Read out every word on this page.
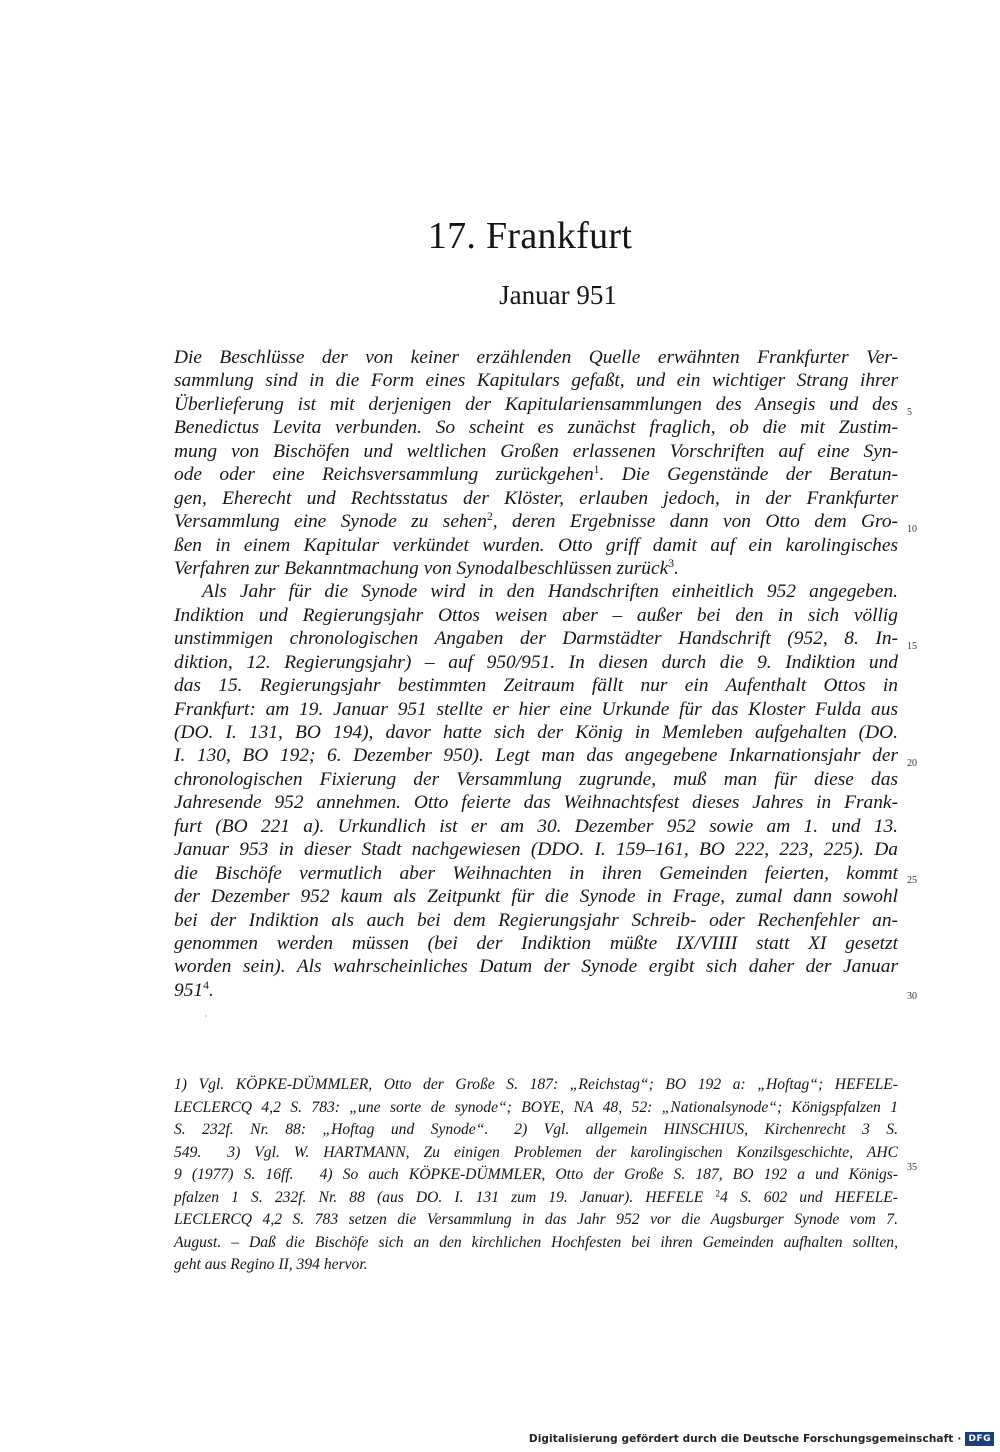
17. Frankfurt
Januar 951
Die Beschlüsse der von keiner erzählenden Quelle erwähnten Frankfurter Ver-
sammlung sind in die Form eines Kapitulars gefaßt, und ein wichtiger Strang ihrer
Überlieferung ist mit derjenigen der Kapitulariensammlungen des Ansegis und des
Benedictus Levita verbunden. So scheint es zunächst fraglich, ob die mit Zustim-
mung von Bischöfen und weltlichen Großen erlassenen Vorschriften auf eine Syn-
ode oder eine Reichsversammlung zurückgehen$^1$. Die Gegenstände der Beratun-
gen, Eherecht und Rechtsstatus der Klöster, erlauben jedoch, in der Frankfurter
Versammlung eine Synode zu sehen$^2$, deren Ergebnisse dann von Otto dem Gro-
ßen in einem Kapitular verkündet wurden. Otto griff damit auf ein karolingisches
Verfahren zur Bekanntmachung von Synodalbeschlüssen zurück$^3$.
Als Jahr für die Synode wird in den Handschriften einheitlich 952 angegeben.
Indiktion und Regierungsjahr Ottos weisen aber – außer bei den in sich völlig
unstimmigen chronologischen Angaben der Darmstädter Handschrift (952, 8. In-
diktion, 12. Regierungsjahr) – auf 950/951. In diesen durch die 9. Indiktion und
das 15. Regierungsjahr bestimmten Zeitraum fällt nur ein Aufenthalt Ottos in
Frankfurt: am 19. Januar 951 stellte er hier eine Urkunde für das Kloster Fulda aus
(DO. I. 131, BO 194), davor hatte sich der König in Memleben aufgehalten (DO.
I. 130, BO 192; 6. Dezember 950). Legt man das angegebene Inkarnationsjahr der
chronologischen Fixierung der Versammlung zugrunde, muß man für diese das
Jahresende 952 annehmen. Otto feierte das Weihnachtsfest dieses Jahres in Frank-
furt (BO 221 a). Urkundlich ist er am 30. Dezember 952 sowie am 1. und 13.
Januar 953 in dieser Stadt nachgewiesen (DDO. I. 159–161, BO 222, 223, 225). Da
die Bischöfe vermutlich aber Weihnachten in ihren Gemeinden feierten, kommt
der Dezember 952 kaum als Zeitpunkt für die Synode in Frage, zumal dann sowohl
bei der Indiktion als auch bei dem Regierungsjahr Schreib- oder Rechenfehler an-
genommen werden müssen (bei der Indiktion müßte IX/VIIII statt XI gesetzt
worden sein). Als wahrscheinliches Datum der Synode ergibt sich daher der Januar
$951^4$.
5
10
15
20
25
30
35
1) Vgl. KÖPKE-DÜMMLER, Otto der Große S. 187: „Reichstag“; BO 192 a: „Hoftag“; HEFELE-
LECLERCQ 4,2 S. 783: „une sorte de synode“; BOYE, NA 48, 52: „Nationalsynode“; Königspfalzen 1
S. 232f. Nr. 88: „Hoftag und Synode“. 2) Vgl. allgemein HINSCHIUS, Kirchenrecht 3 S.
549. 3) Vgl. W. HARTMANN, Zu einigen Problemen der karolingischen Konzilsgeschichte, AHC
9 (1977) S. 16ff. 4) So auch KÖPKE-DÜMMLER, Otto der Große S. 187, BO 192 a und Königs-
pfalzen 1 S. 232f. Nr. 88 (aus DO. I. 131 zum 19. Januar). HEFELE $^2$4 S. 602 und HEFELE-
LECLERCQ 4,2 S. 783 setzen die Versammlung in das Jahr 952 vor die Augsburger Synode vom 7.
August. – Daß die Bischöfe sich an den kirchlichen Hochfesten bei ihren Gemeinden aufhalten sollten,
geht aus Regino II, 394 hervor.
Digitalisierung gefördert durch die Deutsche Forschungsgemeinschaft · DFG
